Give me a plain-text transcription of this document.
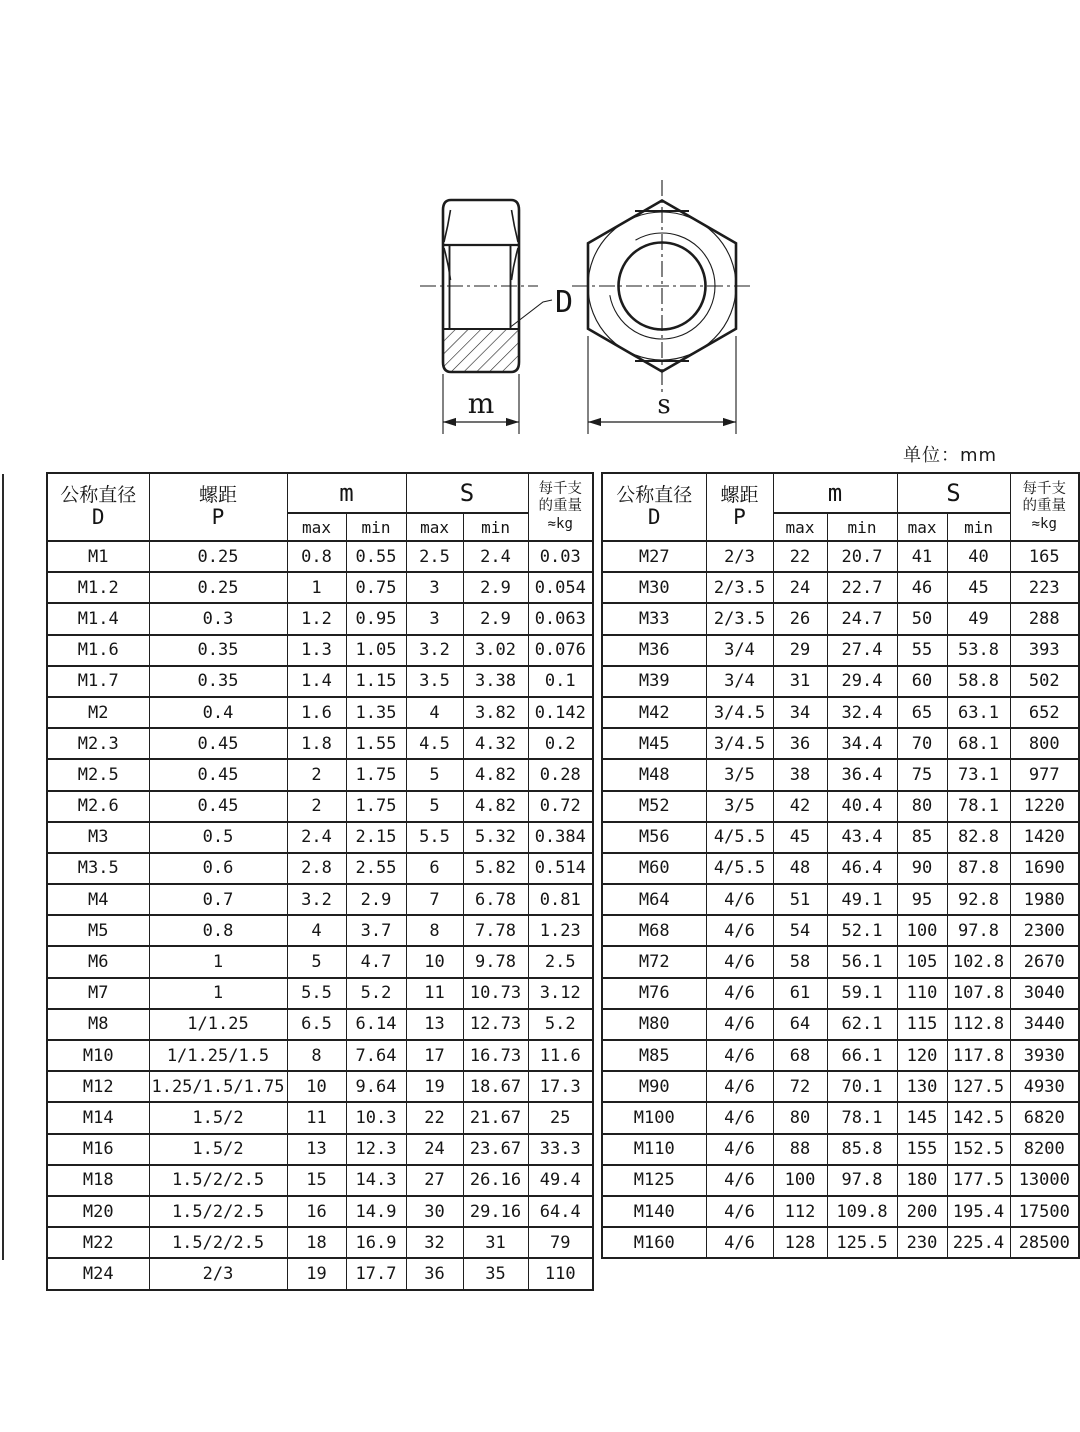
D
m	s
单位：mm
公称直径
D

螺距
P
	m	S	每千支
的重量
≈kg

		max	min	max	min	
M1	0.25	0.8	0.55	2.5	2.4	0.03
M1.2	0.25	1	0.75	3	2.9	0.054
M1.4	0.3	1.2	0.95	3	2.9	0.063
M1.6	0.35	1.3	1.05	3.2	3.02	0.076
M1.7	0.35	1.4	1.15	3.5	3.38	0.1
M2	0.4	1.6	1.35	4	3.82	0.142
M2.3	0.45	1.8	1.55	4.5	4.32	0.2
M2.5	0.45	2	1.75	5	4.82	0.28
M2.6	0.45	2	1.75	5	4.82	0.72
M3	0.5	2.4	2.15	5.5	5.32	0.384
M3.5	0.6	2.8	2.55	6	5.82	0.514
M4	0.7	3.2	2.9	7	6.78	0.81
M5	0.8	4	3.7	8	7.78	1.23
M6	1	5	4.7	10	9.78	2.5
M7	1	5.5	5.2	11	10.73	3.12
M8	1/1.25	6.5	6.14	13	12.73	5.2
M10	1/1.25/1.5	8	7.64	17	16.73	11.6
M12	1.25/1.5/1.75	10	9.64	19	18.67	17.3
M14	1.5/2	11	10.3	22	21.67	25
M16	1.5/2	13	12.3	24	23.67	33.3
M18	1.5/2/2.5	15	14.3	27	26.16	49.4
M20	1.5/2/2.5	16	14.9	30	29.16	64.4
M22	1.5/2/2.5	18	16.9	32	31	79
M24	2/3	19	17.7	36	35	110
公称直径
D

螺距
P
	m	S	每千支
的重量
≈kg

		max	min	max	min	
M27	2/3	22	20.7	41	40	165
M30	2/3.5	24	22.7	46	45	223
M33	2/3.5	26	24.7	50	49	288
M36	3/4	29	27.4	55	53.8	393
M39	3/4	31	29.4	60	58.8	502
M42	3/4.5	34	32.4	65	63.1	652
M45	3/4.5	36	34.4	70	68.1	800
M48	3/5	38	36.4	75	73.1	977
M52	3/5	42	40.4	80	78.1	1220
M56	4/5.5	45	43.4	85	82.8	1420
M60	4/5.5	48	46.4	90	87.8	1690
M64	4/6	51	49.1	95	92.8	1980
M68	4/6	54	52.1	100	97.8	2300
M72	4/6	58	56.1	105	102.8	2670
M76	4/6	61	59.1	110	107.8	3040
M80	4/6	64	62.1	115	112.8	3440
M85	4/6	68	66.1	120	117.8	3930
M90	4/6	72	70.1	130	127.5	4930
M100	4/6	80	78.1	145	142.5	6820
M110	4/6	88	85.8	155	152.5	8200
M125	4/6	100	97.8	180	177.5	13000
M140	4/6	112	109.8	200	195.4	17500
M160	4/6	128	125.5	230	225.4	28500
